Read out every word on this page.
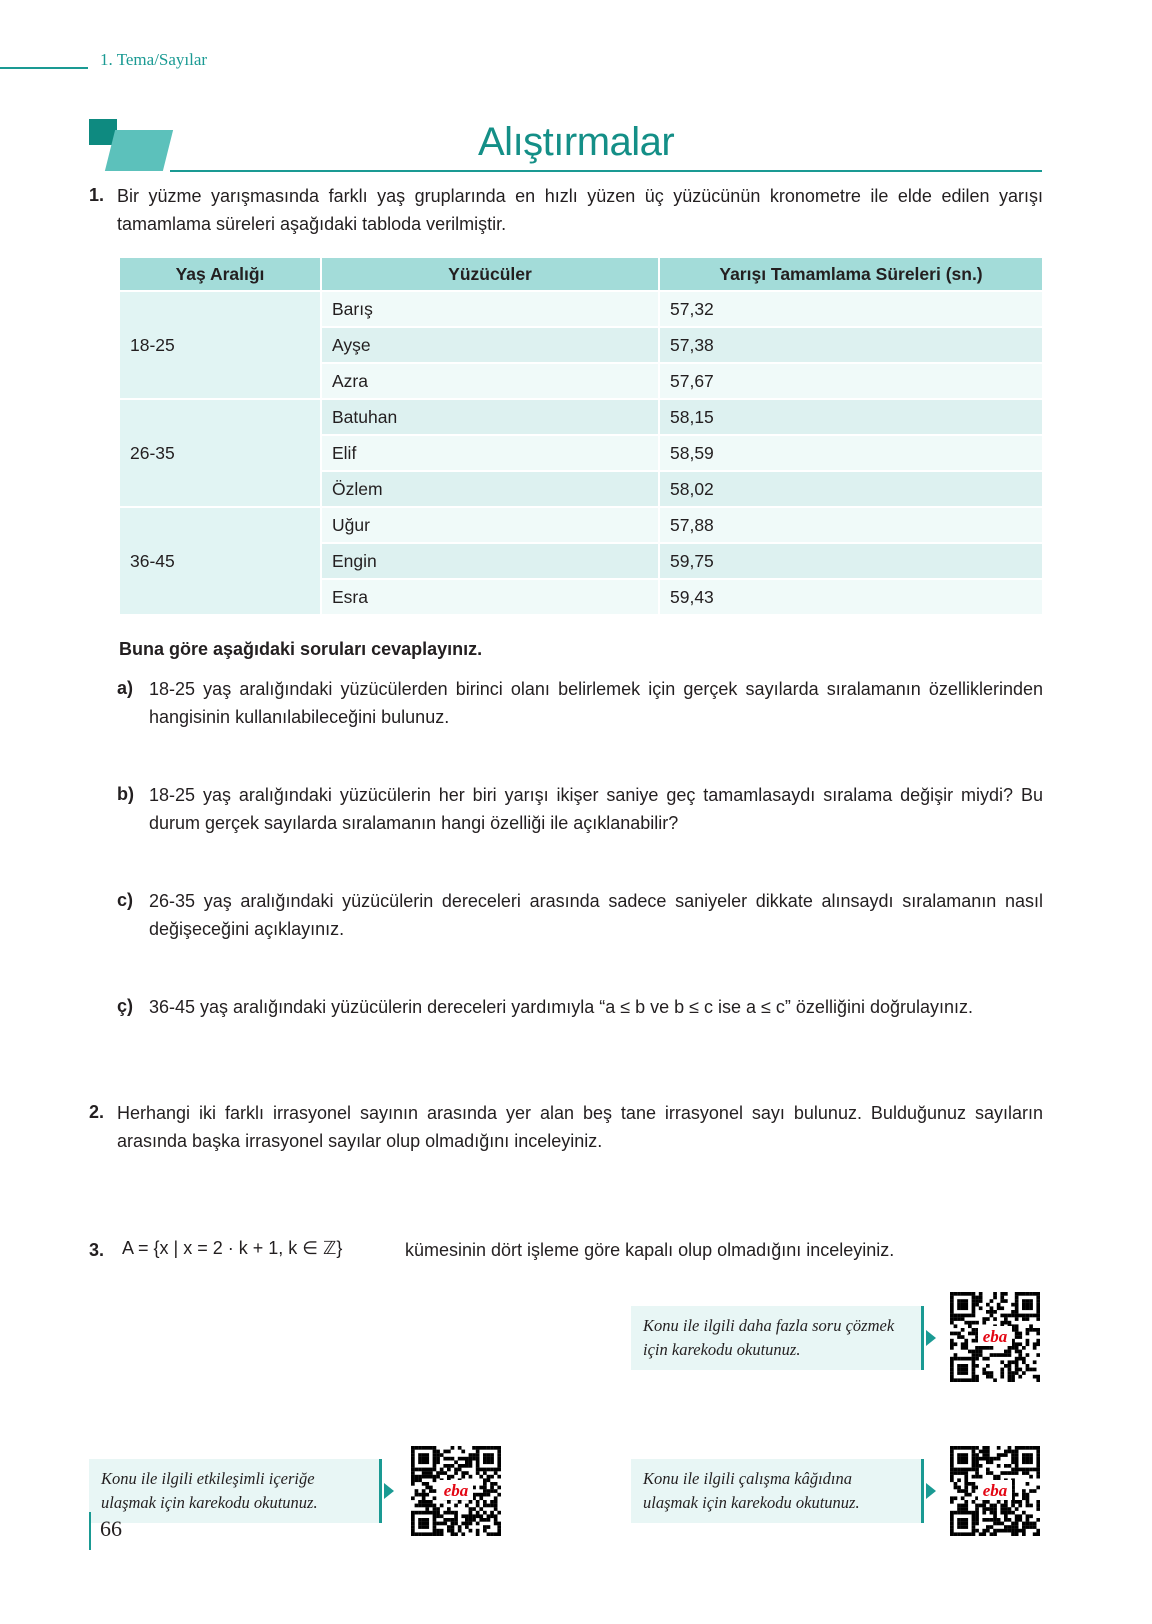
1. Tema/Sayılar
Alıştırmalar
1. Bir yüzme yarışmasında farklı yaş gruplarında en hızlı yüzen üç yüzücünün kronometre ile elde edilen yarışı tamamlama süreleri aşağıdaki tabloda verilmiştir.
Yaş Aralığı	Yüzücüler	Yarışı Tamamlama Süreleri (sn.)
18-25	Barış	57,32
	Ayşe	57,38
	Azra	57,67
26-35	Batuhan	58,15
	Elif	58,59
	Özlem	58,02
36-45	Uğur	57,88
	Engin	59,75
	Esra	59,43
Buna göre aşağıdaki soruları cevaplayınız.
a) 18-25 yaş aralığındaki yüzücülerden birinci olanı belirlemek için gerçek sayılarda sıralamanın özelliklerinden hangisinin kullanılabileceğini bulunuz.
b) 18-25 yaş aralığındaki yüzücülerin her biri yarışı ikişer saniye geç tamamlasaydı sıralama değişir miydi? Bu durum gerçek sayılarda sıralamanın hangi özelliği ile açıklanabilir?
c) 26-35 yaş aralığındaki yüzücülerin dereceleri arasında sadece saniyeler dikkate alınsaydı sıralamanın nasıl değişeceğini açıklayınız.
ç) 36-45 yaş aralığındaki yüzücülerin dereceleri yardımıyla “a ≤ b ve b ≤ c ise a ≤ c” özelliğini doğrulayınız.
2. Herhangi iki farklı irrasyonel sayının arasında yer alan beş tane irrasyonel sayı bulunuz. Bulduğunuz sayıların arasında başka irrasyonel sayılar olup olmadığını inceleyiniz.
3. A = {x | x = 2 · k + 1, k ∈ ℤ}	kümesinin dört işleme göre kapalı olup olmadığını inceleyiniz.
Konu ile ilgili daha fazla soru çözmek için karekodu okutunuz.
eba
Konu ile ilgili etkileşimli içeriğe ulaşmak için karekodu okutunuz.
eba
Konu ile ilgili çalışma kâğıdına ulaşmak için karekodu okutunuz.
eba
66
